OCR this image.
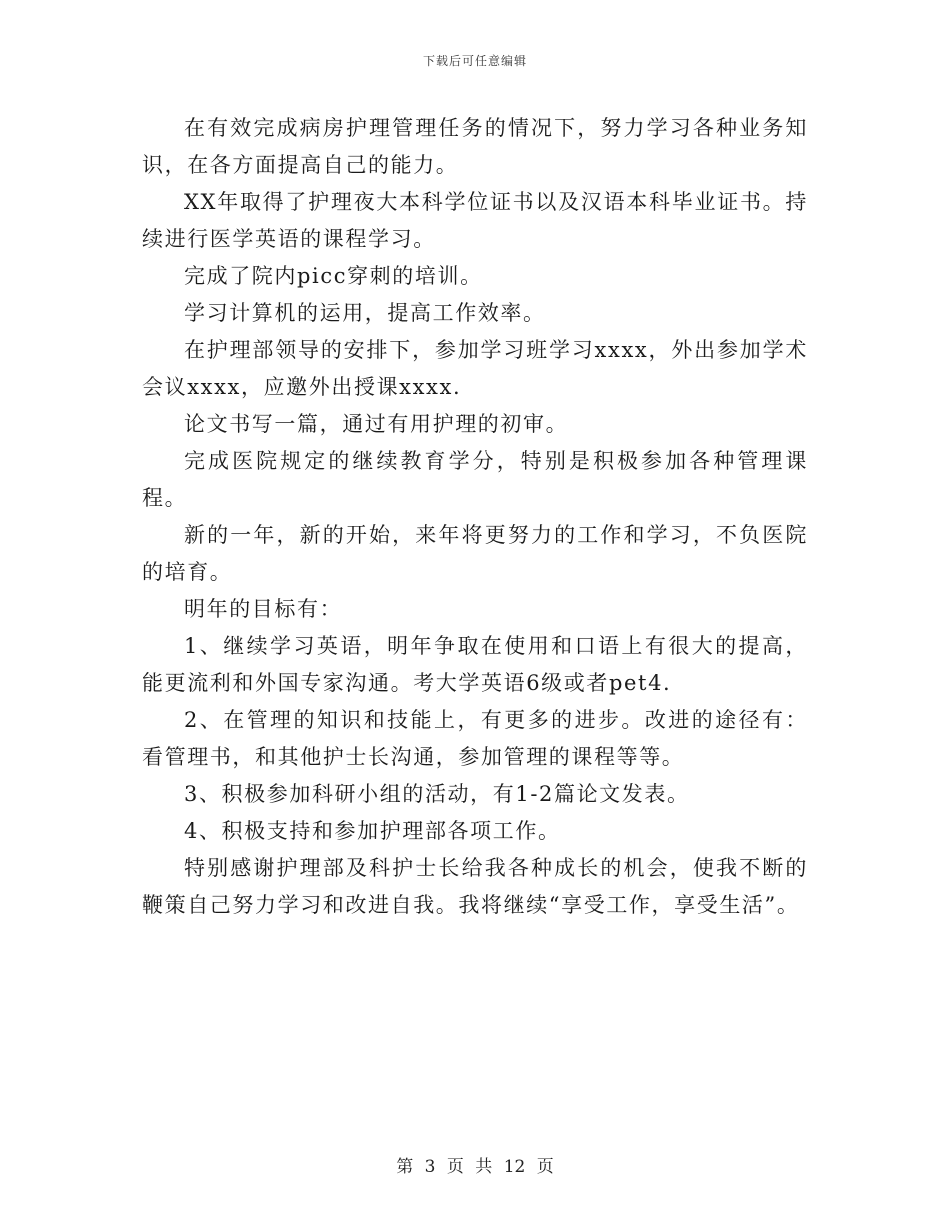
下载后可任意编辑

在有效完成病房护理管理任务的情况下，努力学习各种业务知识，在各方面提高自己的能力。

XX年取得了护理夜大本科学位证书以及汉语本科毕业证书。持续进行医学英语的课程学习。

完成了院内picc穿刺的培训。

学习计算机的运用，提高工作效率。

在护理部领导的安排下，参加学习班学习xxxx，外出参加学术会议xxxx，应邀外出授课xxxx.

论文书写一篇，通过有用护理的初审。

完成医院规定的继续教育学分，特别是积极参加各种管理课程。

新的一年，新的开始，来年将更努力的工作和学习，不负医院的培育。

明年的目标有：

1、继续学习英语，明年争取在使用和口语上有很大的提高，能更流利和外国专家沟通。考大学英语6级或者pet4.

2、在管理的知识和技能上，有更多的进步。改进的途径有：看管理书，和其他护士长沟通，参加管理的课程等等。

3、积极参加科研小组的活动，有1-2篇论文发表。

4、积极支持和参加护理部各项工作。

特别感谢护理部及科护士长给我各种成长的机会，使我不断的鞭策自己努力学习和改进自我。我将继续“享受工作，享受生活”。

第 3 页 共 12 页
